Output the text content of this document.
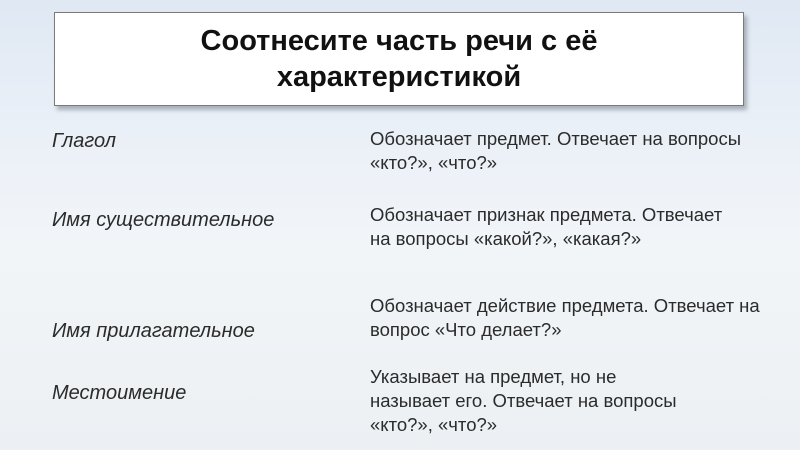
Соотнесите часть речи с её характеристикой
Глагол
Имя существительное
Имя прилагательное
Местоимение
Обозначает предмет. Отвечает на вопросы «кто?», «что?»
Обозначает признак предмета. Отвечает на вопросы «какой?», «какая?»
Обозначает действие предмета. Отвечает на вопрос «Что делает?»
Указывает на предмет, но не называет его. Отвечает на вопросы «кто?», «что?»
